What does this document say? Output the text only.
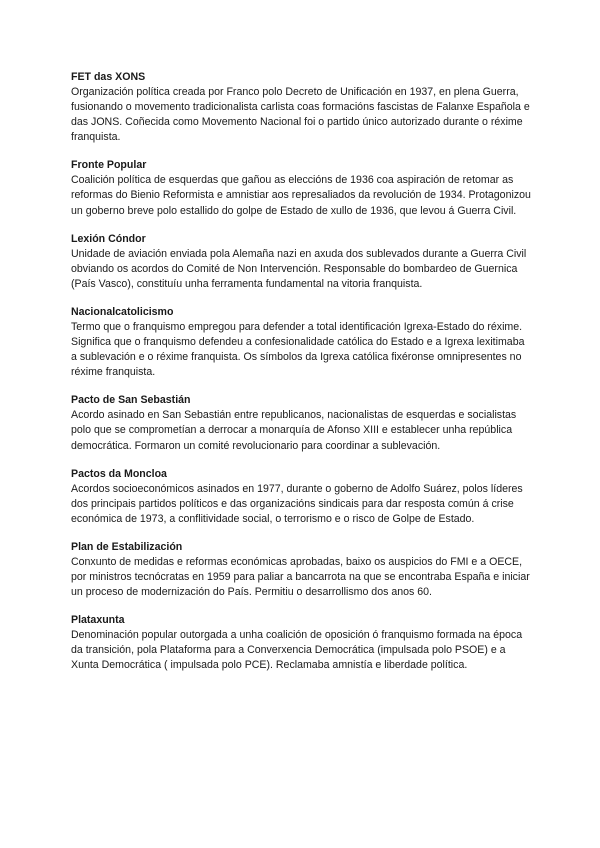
FET das XONS

Organización política creada por Franco polo Decreto de Unificación en 1937, en plena Guerra, fusionando o movemento tradicionalista carlista coas formacións fascistas de Falanxe Española e das JONS. Coñecida como Movemento Nacional foi o partido único autorizado durante o réxime franquista.

Fronte Popular

Coalición política de esquerdas que gañou as eleccións de 1936 coa aspiración de retomar as reformas do Bienio Reformista e amnistiar aos represaliados da revolución de 1934. Protagonizou un goberno breve polo estallido do golpe de Estado de xullo de 1936, que levou á Guerra Civil.

Lexión Cóndor

Unidade de aviación enviada pola Alemaña nazi en axuda dos sublevados durante a Guerra Civil obviando os acordos do Comité de Non Intervención. Responsable do bombardeo de Guernica (País Vasco), constituíu unha ferramenta fundamental na vitoria franquista.

Nacionalcatolicismo

Termo que o franquismo empregou para defender a total identificación Igrexa-Estado do réxime. Significa que o franquismo defendeu a confesionalidade católica do Estado e a Igrexa lexitimaba a sublevación e o réxime franquista. Os símbolos da Igrexa católica fixéronse omnipresentes no réxime franquista.

Pacto de San Sebastián

Acordo asinado en San Sebastián entre republicanos, nacionalistas de esquerdas e socialistas polo que se comprometían a derrocar a monarquía de Afonso XIII e establecer unha república democrática. Formaron un comité revolucionario para coordinar a sublevación.

Pactos da Moncloa

Acordos socioeconómicos asinados en 1977, durante o goberno de Adolfo Suárez, polos líderes dos principais partidos políticos e das organizacións sindicais para dar resposta común á crise económica de 1973, a conflitividade social, o terrorismo e o risco de Golpe de Estado.

Plan de Estabilización

Conxunto de medidas e reformas económicas aprobadas, baixo os auspicios do FMI e a OECE, por ministros tecnócratas en 1959 para paliar a bancarrota na que se encontraba España e iniciar un proceso de modernización do País. Permitiu o desarrollismo dos anos 60.

Plataxunta

Denominación popular outorgada a unha coalición de oposición ó franquismo formada na época da transición, pola Plataforma para a Converxencia Democrática (impulsada polo PSOE) e a Xunta Democrática ( impulsada polo PCE). Reclamaba amnistía e liberdade política.
